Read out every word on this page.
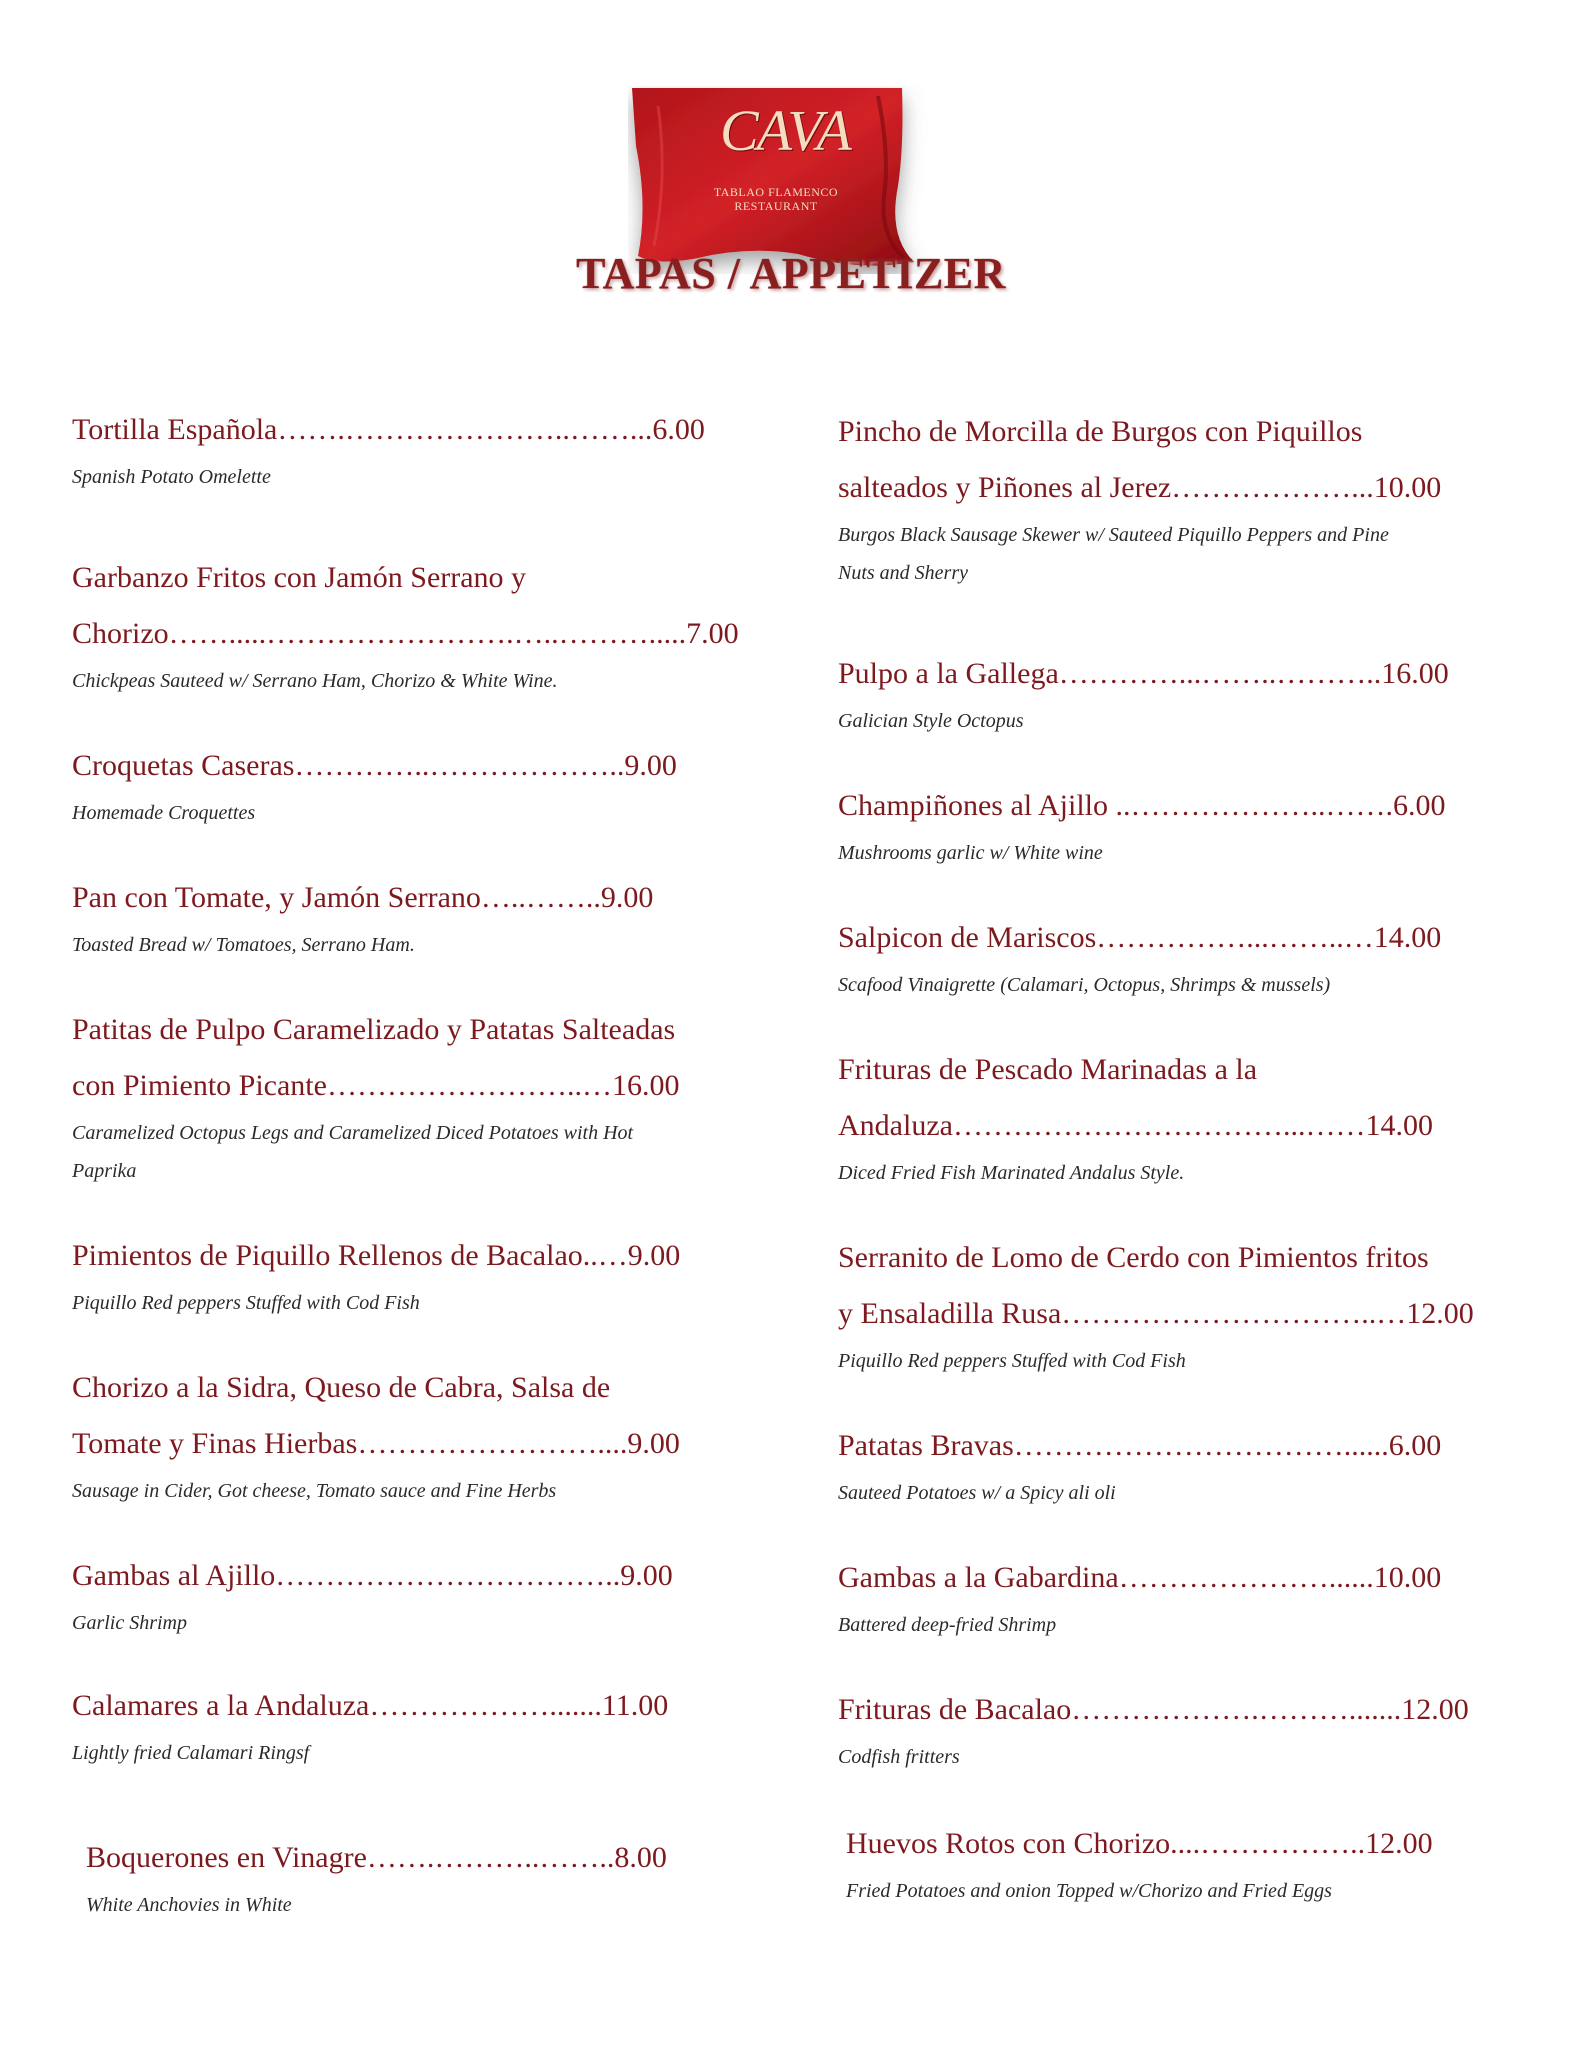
CAVA
TABLAO FLAMENCO
RESTAURANT
TAPAS / APPETIZER

Tortilla Española…….…………………..……...6.00

Spanish Potato Omelette

Garbanzo Fritos con Jamón Serrano y

Chorizo…….....…………………….…..……….....7.00

Chickpeas Sauteed w/ Serrano Ham, Chorizo & White Wine.

Croquetas Caseras…………..………………..9.00

Homemade Croquettes

Pan con Tomate, y Jamón Serrano…..……..9.00

Toasted Bread w/ Tomatoes, Serrano Ham.

Patitas de Pulpo Caramelizado y Patatas Salteadas

con Pimiento Picante……………………..…16.00

Caramelized Octopus Legs and Caramelized Diced Potatoes with Hot

Paprika

Pimientos de Piquillo Rellenos de Bacalao..…9.00

Piquillo Red peppers Stuffed with Cod Fish

Chorizo a la Sidra, Queso de Cabra, Salsa de

Tomate y Finas Hierbas……………………....9.00

Sausage in Cider, Got cheese, Tomato sauce and Fine Herbs

Gambas al Ajillo……………………………..9.00

Garlic Shrimp

Calamares a la Andaluza……………….......11.00

Lightly fried Calamari Ringsf

Boquerones en Vinagre…….………..……..8.00

White Anchovies in White

Pincho de Morcilla de Burgos con Piquillos

salteados y Piñones al Jerez………………...10.00

Burgos Black Sausage Skewer w/ Sauteed Piquillo Peppers and Pine

Nuts and Sherry

Pulpo a la Gallega…………...……..………..16.00

Galician Style Octopus

Champiñones al Ajillo ..………………..…….6.00

Mushrooms garlic w/ White wine

Salpicon de Mariscos……………...……..…14.00

Scafood Vinaigrette (Calamari, Octopus, Shrimps & mussels)

Frituras de Pescado Marinadas a la

Andaluza……………………………...……14.00

Diced Fried Fish Marinated Andalus Style.

Serranito de Lomo de Cerdo con Pimientos fritos

y Ensaladilla Rusa…………………………..…12.00

Piquillo Red peppers Stuffed with Cod Fish

Patatas Bravas……………………………......6.00

Sauteed Potatoes w/ a Spicy ali oli

Gambas a la Gabardina…………………......10.00

Battered deep-fried Shrimp

Frituras de Bacalao……………….……….......12.00

Codfish fritters

Huevos Rotos con Chorizo....……………..12.00

Fried Potatoes and onion Topped w/Chorizo and Fried Eggs
